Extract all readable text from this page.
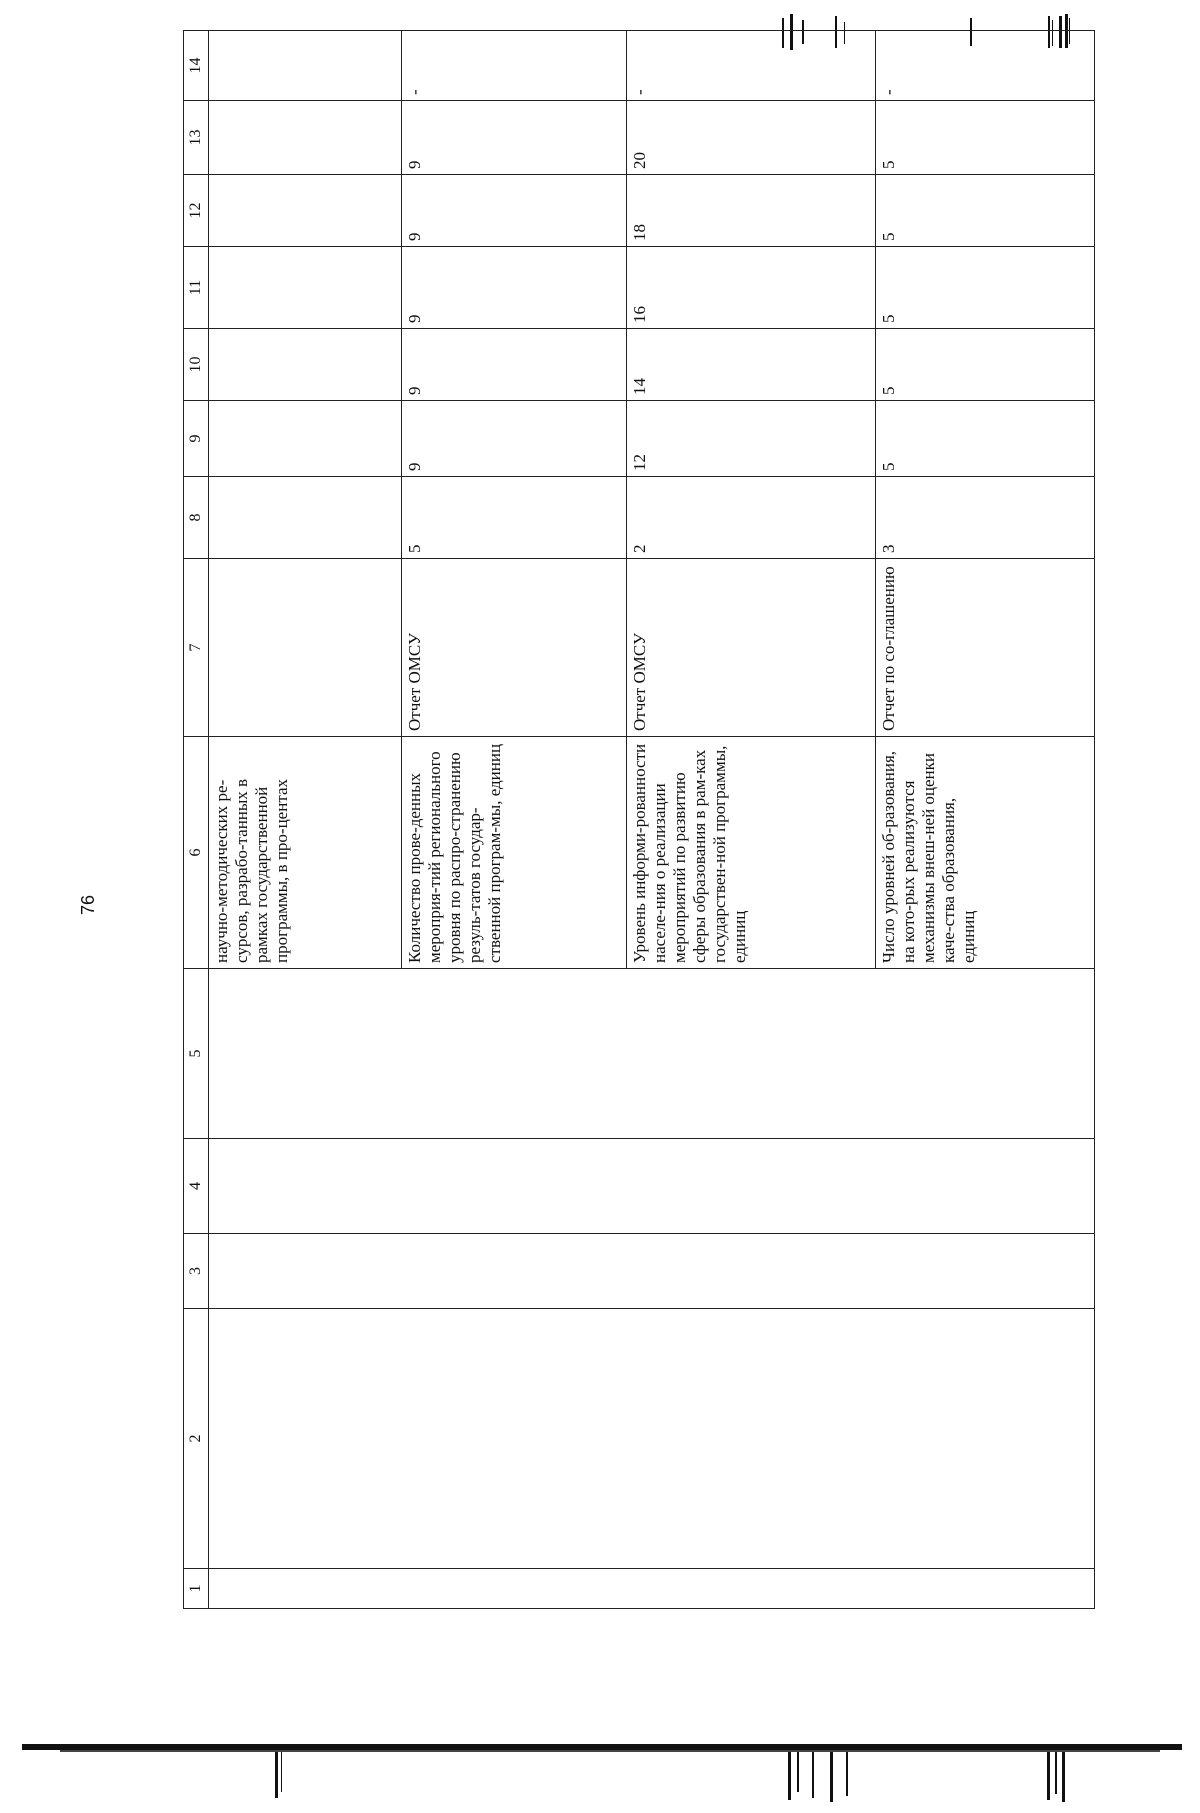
76
1	2	3	4	5	6	7	8	9	10	11	12	13	14
					научно-методических ре-сурсов, разрабо-танных в рамках государственной программы, в про-центах								
					Количество прове-денных мероприя-тий регионального уровня по распро-странению резуль-татов государ-ственной програм-мы, единиц	Отчет ОМСУ	5	9	9	9	9	9	-
					Уровень информи-рованности населе-ния о реализации мероприятий по развитию сферы образования в рам-ках государствен-ной программы, единиц	Отчет ОМСУ	2	12	14	16	18	20	-
					Число уровней об-разования, на кото-рых реализуются механизмы внеш-ней оценки каче-ства образования, единиц	Отчет по со-глашению	3	5	5	5	5	5	-
